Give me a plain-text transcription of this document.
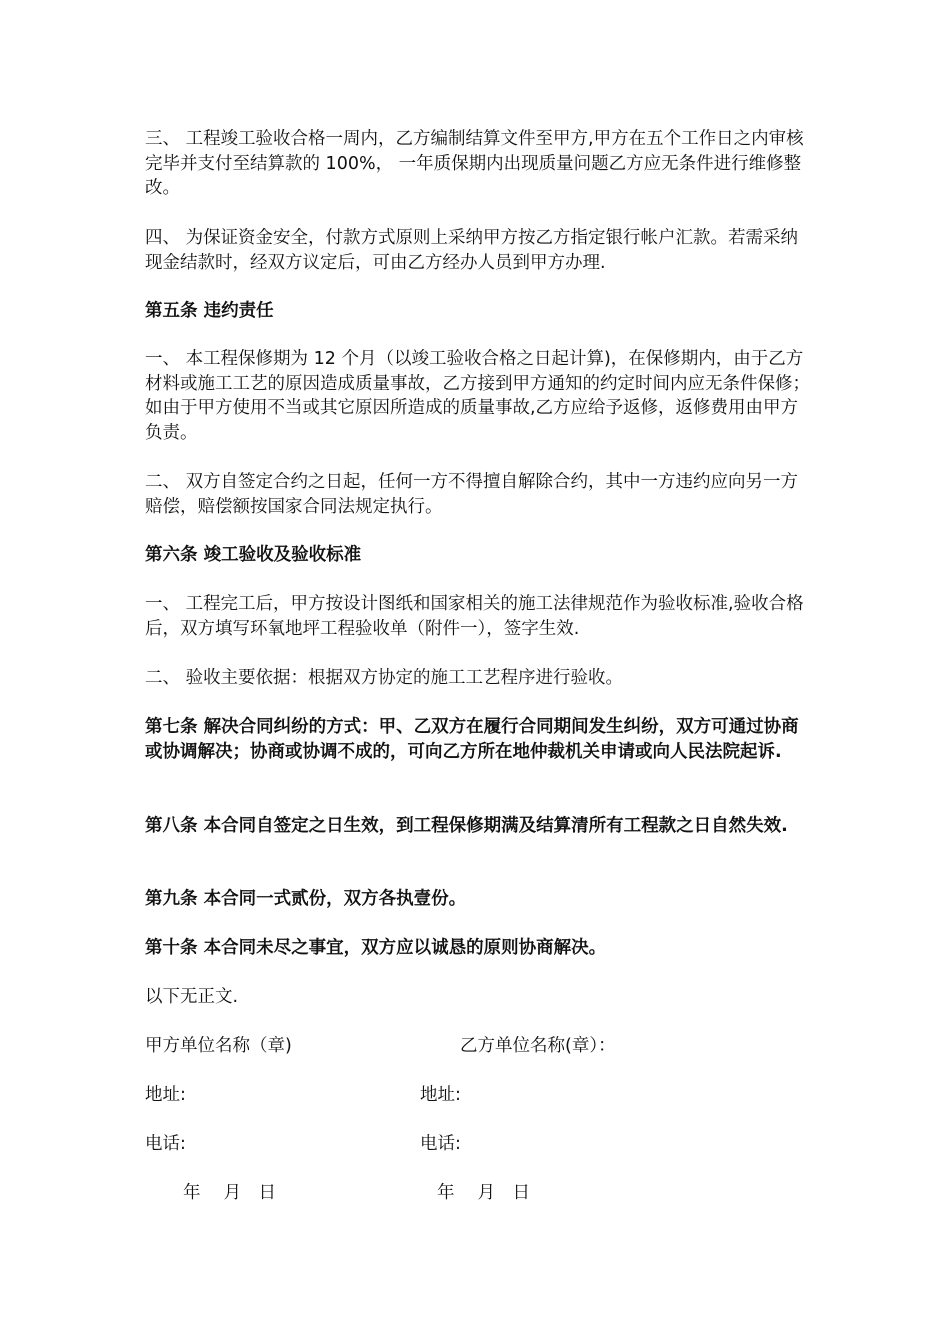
三、 工程竣工验收合格一周内，乙方编制结算文件至甲方,甲方在五个工作日之内审核完毕并支付至结算款的 100%， 一年质保期内出现质量问题乙方应无条件进行维修整改。

四、 为保证资金安全，付款方式原则上采纳甲方按乙方指定银行帐户汇款。若需采纳现金结款时，经双方议定后，可由乙方经办人员到甲方办理.

第五条 违约责任

一、 本工程保修期为 12 个月（以竣工验收合格之日起计算)，在保修期内，由于乙方材料或施工工艺的原因造成质量事故，乙方接到甲方通知的约定时间内应无条件保修；如由于甲方使用不当或其它原因所造成的质量事故,乙方应给予返修，返修费用由甲方负责。

二、 双方自签定合约之日起，任何一方不得擅自解除合约，其中一方违约应向另一方赔偿，赔偿额按国家合同法规定执行。

第六条 竣工验收及验收标准

一、 工程完工后，甲方按设计图纸和国家相关的施工法律规范作为验收标准,验收合格后，双方填写环氧地坪工程验收单（附件一），签字生效.

二、 验收主要依据：根据双方协定的施工工艺程序进行验收。

第七条 解决合同纠纷的方式：甲、乙双方在履行合同期间发生纠纷，双方可通过协商或协调解决；协商或协调不成的，可向乙方所在地仲裁机关申请或向人民法院起诉.

第八条 本合同自签定之日生效，到工程保修期满及结算清所有工程款之日自然失效.

第九条 本合同一式贰份，双方各执壹份。

第十条 本合同未尽之事宜，双方应以诚恳的原则协商解决。

以下无正文.

甲方单位名称（章)	乙方单位名称(章）：
地址:	地址:
电话:	电话:
年　 月　日	年　 月　日
